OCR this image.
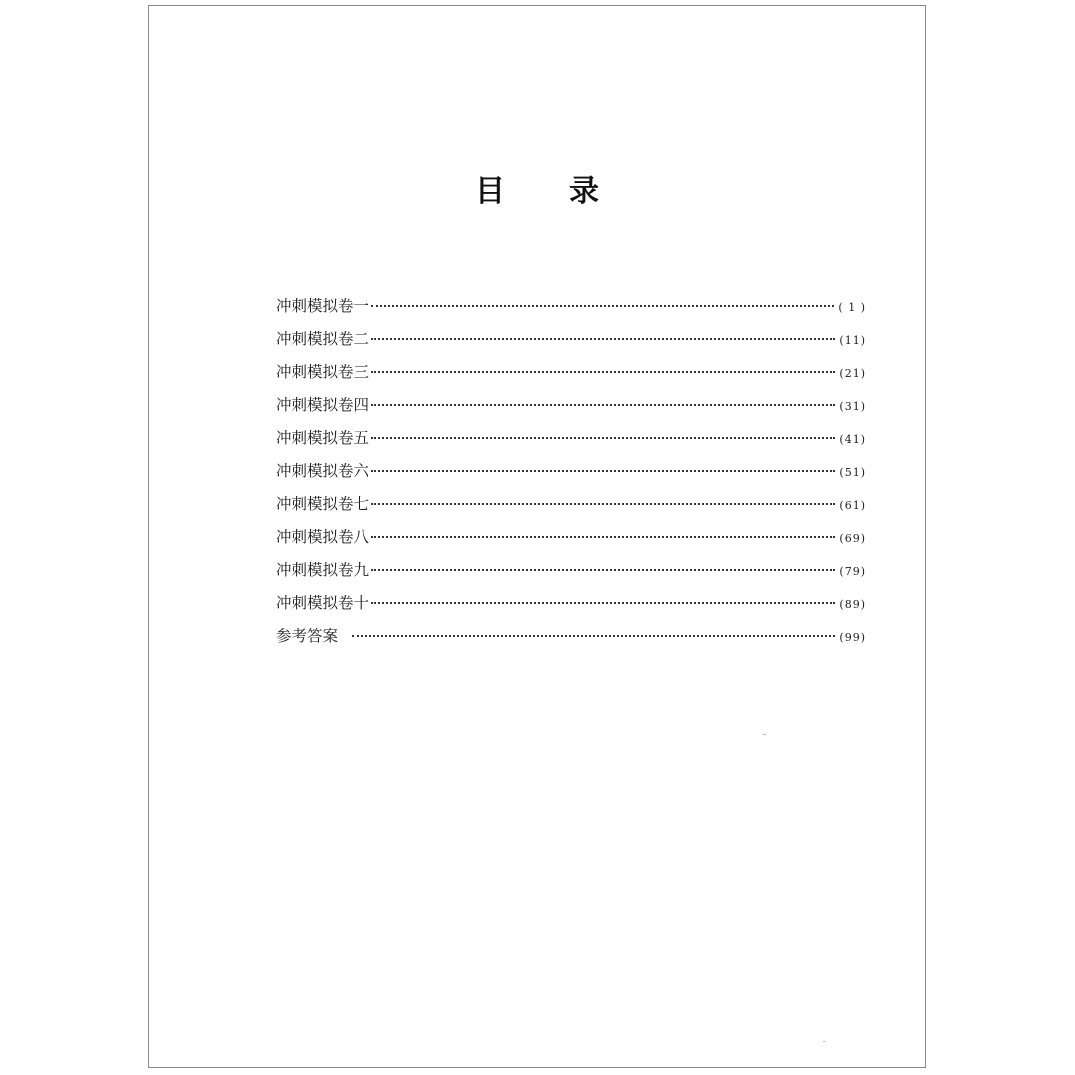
目 录
冲刺模拟卷一	( 1 )
冲刺模拟卷二	(11)
冲刺模拟卷三	(21)
冲刺模拟卷四	(31)
冲刺模拟卷五	(41)
冲刺模拟卷六	(51)
冲刺模拟卷七	(61)
冲刺模拟卷八	(69)
冲刺模拟卷九	(79)
冲刺模拟卷十	(89)
参考答案	(99)
